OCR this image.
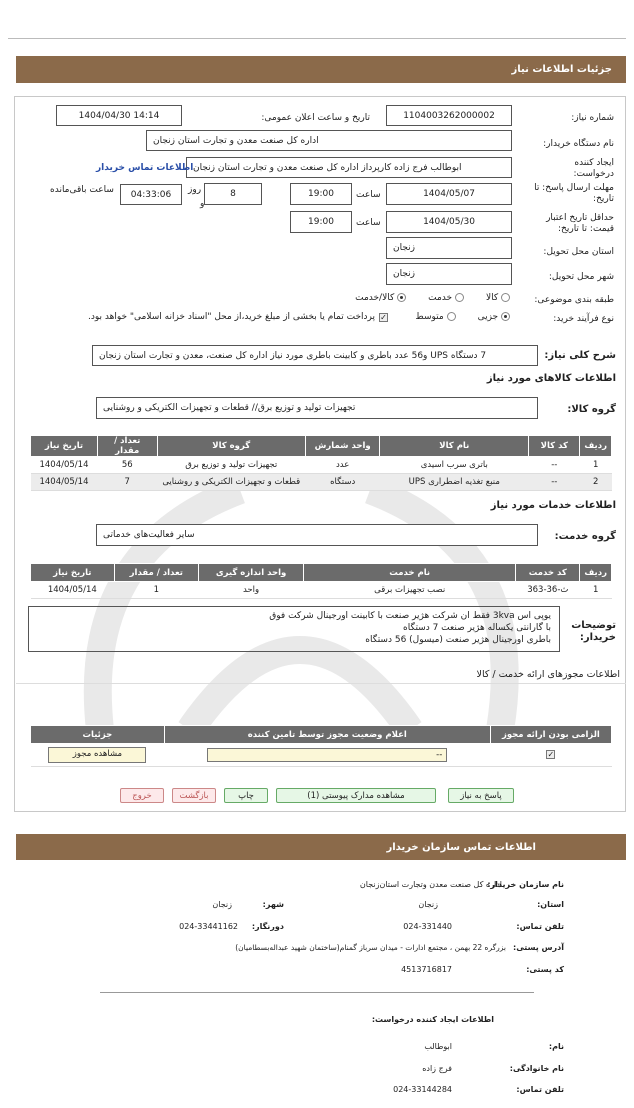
جزئیات اطلاعات نیاز
شماره نیاز:
1104003262000002
تاریخ و ساعت اعلان عمومی:
1404/04/30 14:14
نام دستگاه خریدار:
اداره کل صنعت معدن و تجارت استان زنجان
ایجاد کننده
درخواست:
ابوطالب فرج زاده کارپرداز اداره کل صنعت معدن و تجارت استان زنجان
اطلاعات تماس خریدار
مهلت ارسال پاسخ: تا
تاریخ:
1404/05/07
ساعت
19:00
8
روز
و
04:33:06
ساعت باقی‌مانده
حداقل تاریخ اعتبار
قیمت: تا تاریخ:
1404/05/30
ساعت
19:00
استان محل تحویل:
زنجان
شهر محل تحویل:
زنجان
طبقه بندی موضوعی:
کالا
خدمت
کالا/خدمت
نوع فرآیند خرید:
جزیی
متوسط
✓
پرداخت تمام یا بخشی از مبلغ خرید،از محل "اسناد خزانه اسلامی" خواهد بود.
شرح کلی نیاز:
7 دستگاه UPS و56 عدد باطری و کابینت باطری مورد نیاز اداره کل صنعت، معدن و تجارت استان زنجان
اطلاعات کالاهای مورد نیاز
گروه کالا:
تجهیزات تولید و توزیع برق// قطعات و تجهیزات الکتریکی و روشنایی
ردیف	کد کالا	نام کالا	واحد شمارش	گروه کالا	تعداد / مقدار	تاریخ نیاز
1	--	باتری سرب اسیدی	عدد	تجهیزات تولید و توزیع برق	56	1404/05/14
2	--	منبع تغذیه اضطراری UPS	دستگاه	قطعات و تجهیزات الکتریکی و روشنایی	7	1404/05/14
اطلاعات خدمات مورد نیاز
گروه خدمت:
سایر فعالیت‌های خدماتی
ردیف	کد خدمت	نام خدمت	واحد اندازه گیری	تعداد / مقدار	تاریخ نیاز
1	ث-36-363	نصب تجهیزات برقی	واحد	1	1404/05/14
توضیحات
خریدار:
یوپی اس 3kva فقط ان شرکت هژیر صنعت با کابینت اورجینال شرکت فوق
با گارانتی یکساله هژیر صنعت 7 دستگاه
باطری اورجینال هژیر صنعت (میسول) 56 دستگاه
اطلاعات مجوزهای ارائه خدمت / کالا
الزامی بودن ارائه مجوز	اعلام وضعیت مجوز توسط تامین کننده	جزئیات
✓	--	مشاهده مجوز
پاسخ به نیاز
مشاهده مدارک پیوستی (1)
چاپ
بازگشت
خروج
اطلاعات تماس سازمان خریدار
نام سازمان خریدار:
اداره کل صنعت معدن وتجارت استان‌زنجان
استان:
زنجان
شهر:
زنجان
تلفن تماس:
024-331440
دورنگار:
024-33441162
آدرس پستی:
بزرگره 22 بهمن ، مجتمع ادارات - میدان سرباز گمنام(ساختمان شهید عبداله‌بسطامیان)
کد پستی:
4513716817
اطلاعات ایجاد کننده درخواست:
نام:
ابوطالب
نام خانوادگی:
فرج زاده
تلفن تماس:
024-33144284
